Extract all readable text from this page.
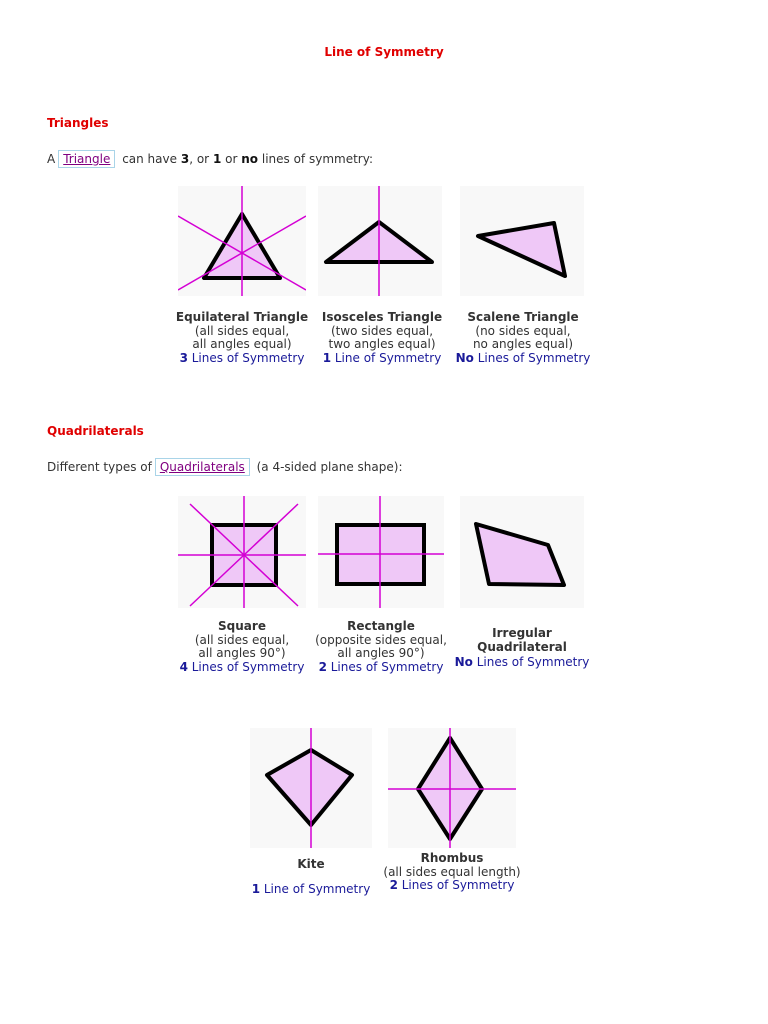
Line of Symmetry
Triangles
A Triangle can have 3, or 1 or no lines of symmetry:
Equilateral Triangle
(all sides equal,
all angles equal)
3 Lines of Symmetry
Isosceles Triangle
(two sides equal,
two angles equal)
1 Line of Symmetry
Scalene Triangle
(no sides equal,
no angles equal)
No Lines of Symmetry
Quadrilaterals
Different types of Quadrilaterals (a 4-sided plane shape):
Square
(all sides equal,
all angles 90°)
4 Lines of Symmetry
Rectangle
(opposite sides equal,
all angles 90°)
2 Lines of Symmetry
Irregular
Quadrilateral
No Lines of Symmetry
Kite
1 Line of Symmetry
Rhombus
(all sides equal length)
2 Lines of Symmetry
